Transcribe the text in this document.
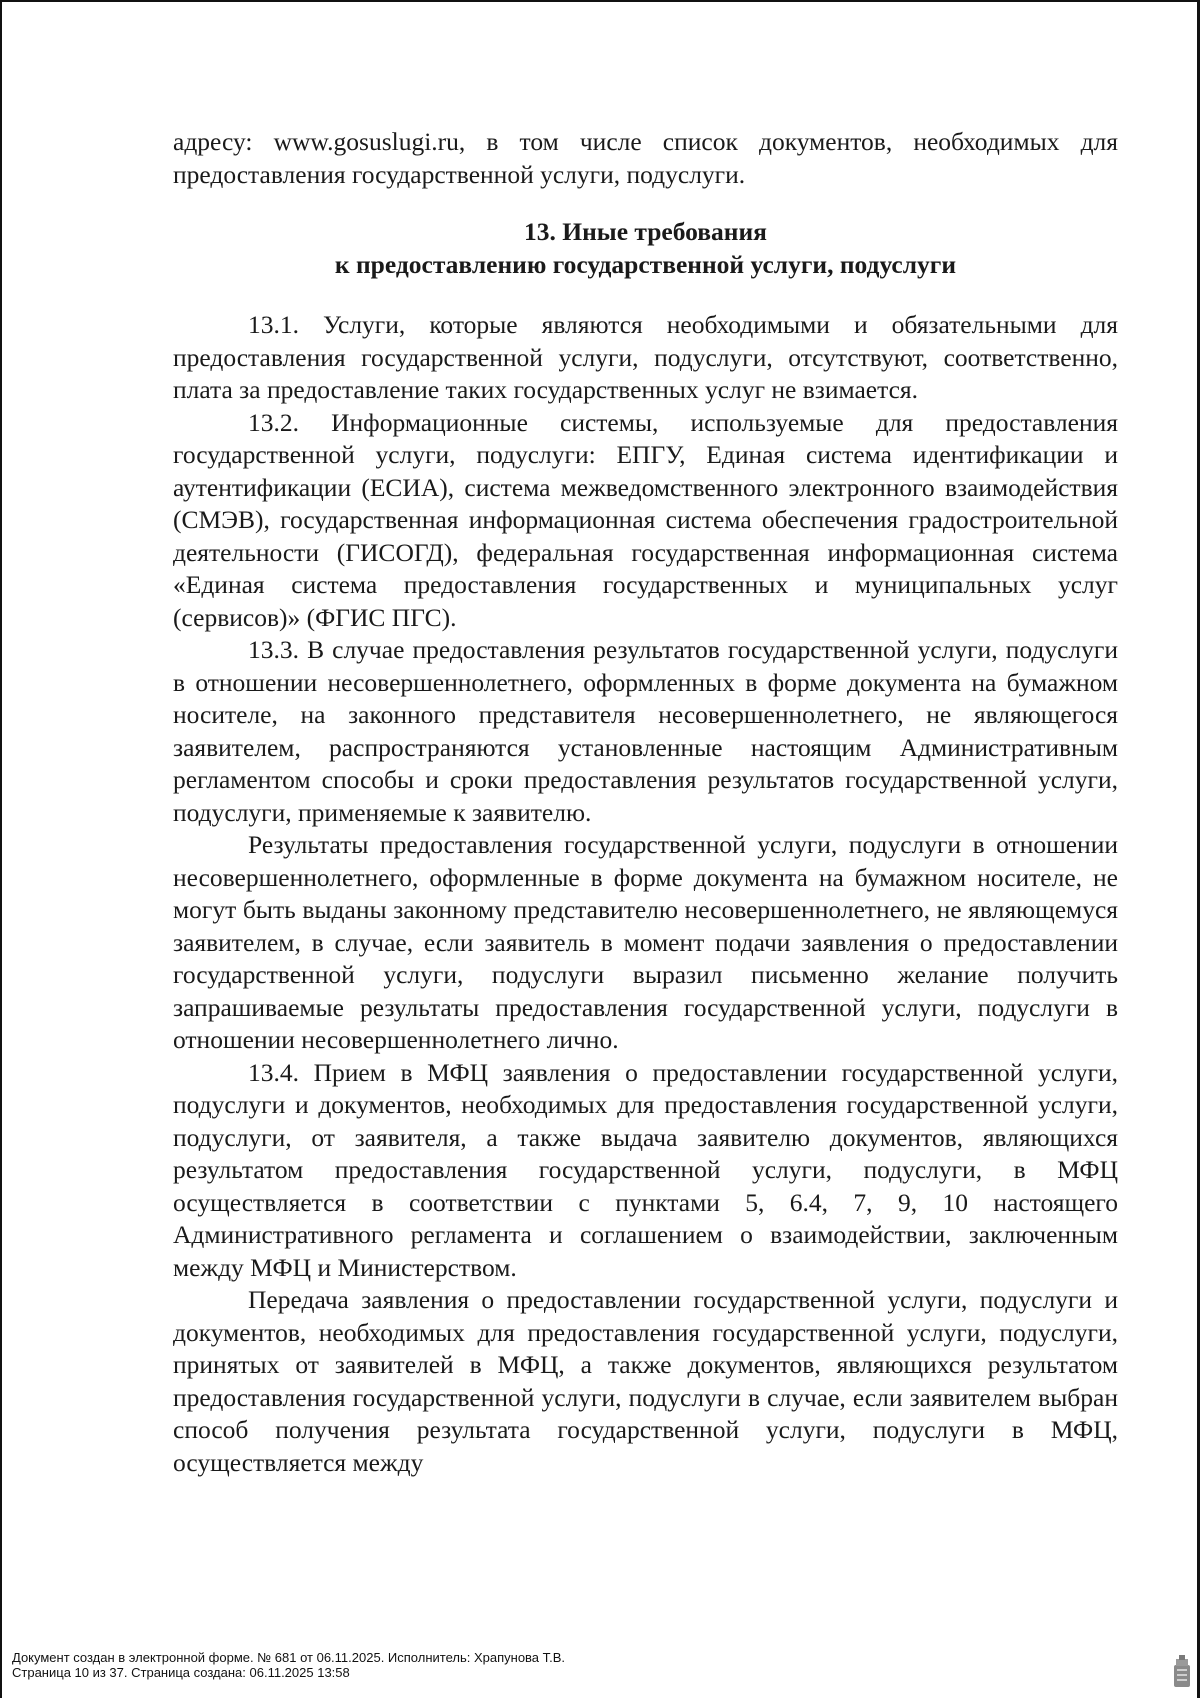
адресу: www.gosuslugi.ru, в том числе список документов, необходимых для предоставления государственной услуги, подуслуги.

13. Иные требования
к предоставлению государственной услуги, подуслуги

13.1. Услуги, которые являются необходимыми и обязательными для предоставления государственной услуги, подуслуги, отсутствуют, соответственно, плата за предоставление таких государственных услуг не взимается.

13.2. Информационные системы, используемые для предоставления государственной услуги, подуслуги: ЕПГУ, Единая система идентификации и аутентификации (ЕСИА), система межведомственного электронного взаимодействия (СМЭВ), государственная информационная система обеспечения градостроительной деятельности (ГИСОГД), федеральная государственная информационная система «Единая система предоставления государственных и муниципальных услуг (сервисов)» (ФГИС ПГС).

13.3. В случае предоставления результатов государственной услуги, подуслуги в отношении несовершеннолетнего, оформленных в форме документа на бумажном носителе, на законного представителя несовершеннолетнего, не являющегося заявителем, распространяются установленные настоящим Административным регламентом способы и сроки предоставления результатов государственной услуги, подуслуги, применяемые к заявителю.

Результаты предоставления государственной услуги, подуслуги в отношении несовершеннолетнего, оформленные в форме документа на бумажном носителе, не могут быть выданы законному представителю несовершеннолетнего, не являющемуся заявителем, в случае, если заявитель в момент подачи заявления о предоставлении государственной услуги, подуслуги выразил письменно желание получить запрашиваемые результаты предоставления государственной услуги, подуслуги в отношении несовершеннолетнего лично.

13.4. Прием в МФЦ заявления о предоставлении государственной услуги, подуслуги и документов, необходимых для предоставления государственной услуги, подуслуги, от заявителя, а также выдача заявителю документов, являющихся результатом предоставления государственной услуги, подуслуги, в МФЦ осуществляется в соответствии с пунктами 5, 6.4, 7, 9, 10 настоящего Административного регламента и соглашением о взаимодействии, заключенным между МФЦ и Министерством.

Передача заявления о предоставлении государственной услуги, подуслуги и документов, необходимых для предоставления государственной услуги, подуслуги, принятых от заявителей в МФЦ, а также документов, являющихся результатом предоставления государственной услуги, подуслуги в случае, если заявителем выбран способ получения результата государственной услуги, подуслуги в МФЦ, осуществляется между

Документ создан в электронной форме. № 681 от 06.11.2025. Исполнитель: Храпунова Т.В.
Страница 10 из 37. Страница создана: 06.11.2025 13:58
